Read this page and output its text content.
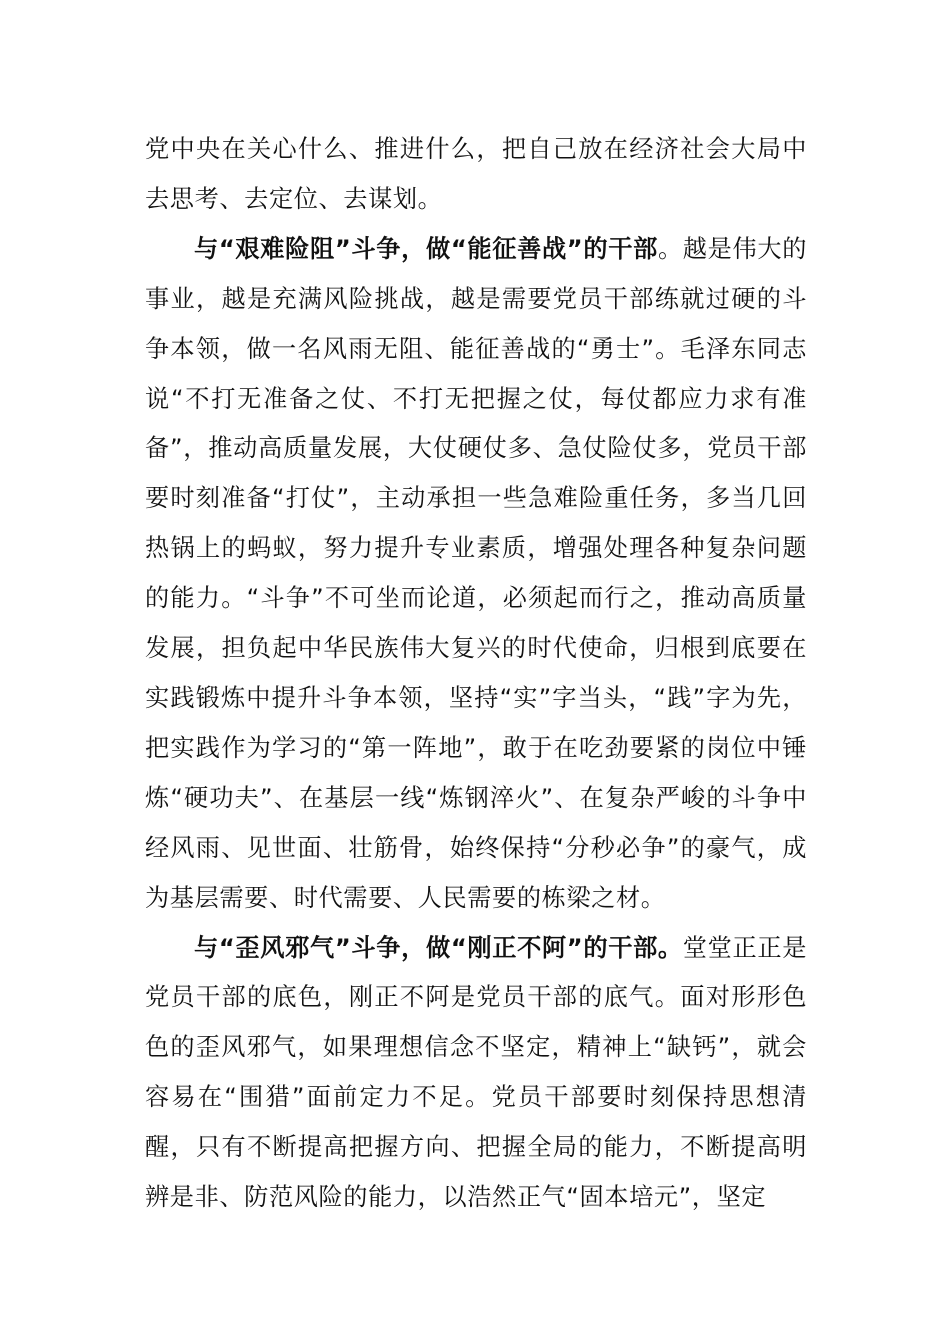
党中央在关心什么、推进什么，把自己放在经济社会大局中去思考、去定位、去谋划。

与“艰难险阻”斗争，做“能征善战”的干部。越是伟大的事业，越是充满风险挑战，越是需要党员干部练就过硬的斗争本领，做一名风雨无阻、能征善战的“勇士”。毛泽东同志说“不打无准备之仗、不打无把握之仗，每仗都应力求有准备”，推动高质量发展，大仗硬仗多、急仗险仗多，党员干部要时刻准备“打仗”，主动承担一些急难险重任务，多当几回热锅上的蚂蚁，努力提升专业素质，增强处理各种复杂问题的能力。“斗争”不可坐而论道，必须起而行之，推动高质量发展，担负起中华民族伟大复兴的时代使命，归根到底要在实践锻炼中提升斗争本领，坚持“实”字当头，“践”字为先，把实践作为学习的“第一阵地”，敢于在吃劲要紧的岗位中锤炼“硬功夫”、在基层一线“炼钢淬火”、在复杂严峻的斗争中经风雨、见世面、壮筋骨，始终保持“分秒必争”的豪气，成为基层需要、时代需要、人民需要的栋梁之材。

与“歪风邪气”斗争，做“刚正不阿”的干部。堂堂正正是党员干部的底色，刚正不阿是党员干部的底气。面对形形色色的歪风邪气，如果理想信念不坚定，精神上“缺钙”，就会容易在“围猎”面前定力不足。党员干部要时刻保持思想清醒，只有不断提高把握方向、把握全局的能力，不断提高明辨是非、防范风险的能力，以浩然正气“固本培元”，坚定
